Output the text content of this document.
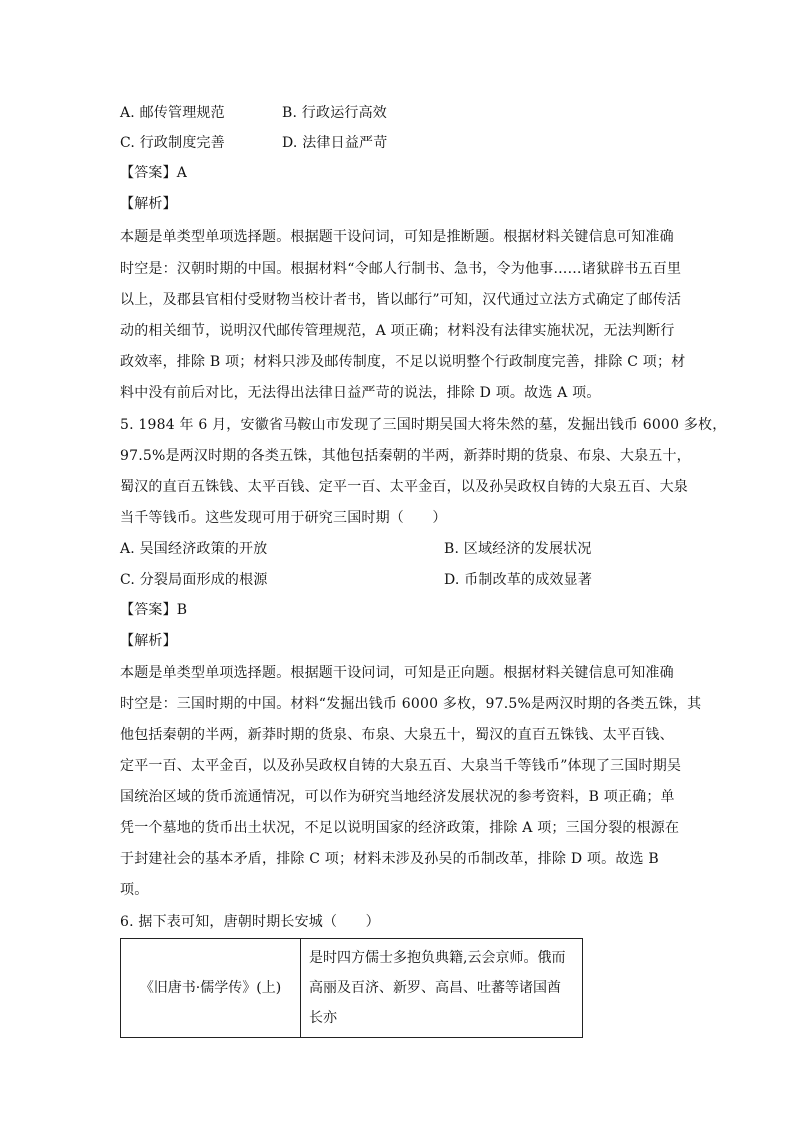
A. 邮传管理规范	B. 行政运行高效
C. 行政制度完善	D. 法律日益严苛
【答案】A
【解析】
本题是单类型单项选择题。根据题干设问词，可知是推断题。根据材料关键信息可知准确
时空是：汉朝时期的中国。根据材料“令邮人行制书、急书，令为他事……诸狱辟书五百里
以上，及郡县官相付受财物当校计者书，皆以邮行”可知，汉代通过立法方式确定了邮传活
动的相关细节，说明汉代邮传管理规范，A 项正确；材料没有法律实施状况，无法判断行
政效率，排除 B 项；材料只涉及邮传制度，不足以说明整个行政制度完善，排除 C 项；材
料中没有前后对比，无法得出法律日益严苛的说法，排除 D 项。故选 A 项。
5. 1984 年 6 月，安徽省马鞍山市发现了三国时期吴国大将朱然的墓，发掘出钱币 6000 多枚，
97.5%是两汉时期的各类五铢，其他包括秦朝的半两，新莽时期的货泉、布泉、大泉五十，
蜀汉的直百五铢钱、太平百钱、定平一百、太平金百，以及孙吴政权自铸的大泉五百、大泉
当千等钱币。这些发现可用于研究三国时期（　　）
A. 吴国经济政策的开放	B. 区域经济的发展状况
C. 分裂局面形成的根源	D. 币制改革的成效显著
【答案】B
【解析】
本题是单类型单项选择题。根据题干设问词，可知是正向题。根据材料关键信息可知准确
时空是：三国时期的中国。材料“发掘出钱币 6000 多枚，97.5%是两汉时期的各类五铢，其
他包括秦朝的半两，新莽时期的货泉、布泉、大泉五十，蜀汉的直百五铢钱、太平百钱、
定平一百、太平金百，以及孙吴政权自铸的大泉五百、大泉当千等钱币”体现了三国时期吴
国统治区域的货币流通情况，可以作为研究当地经济发展状况的参考资料，B 项正确；单
凭一个墓地的货币出土状况，不足以说明国家的经济政策，排除 A 项；三国分裂的根源在
于封建社会的基本矛盾，排除 C 项；材料未涉及孙吴的币制改革，排除 D 项。故选 B
项。
6. 据下表可知，唐朝时期长安城（　　）
《旧唐书·儒学传》(上)	是时四方儒士多抱负典籍,云会京师。俄而高丽及百济、新罗、高昌、吐蕃等诸国酋长亦
